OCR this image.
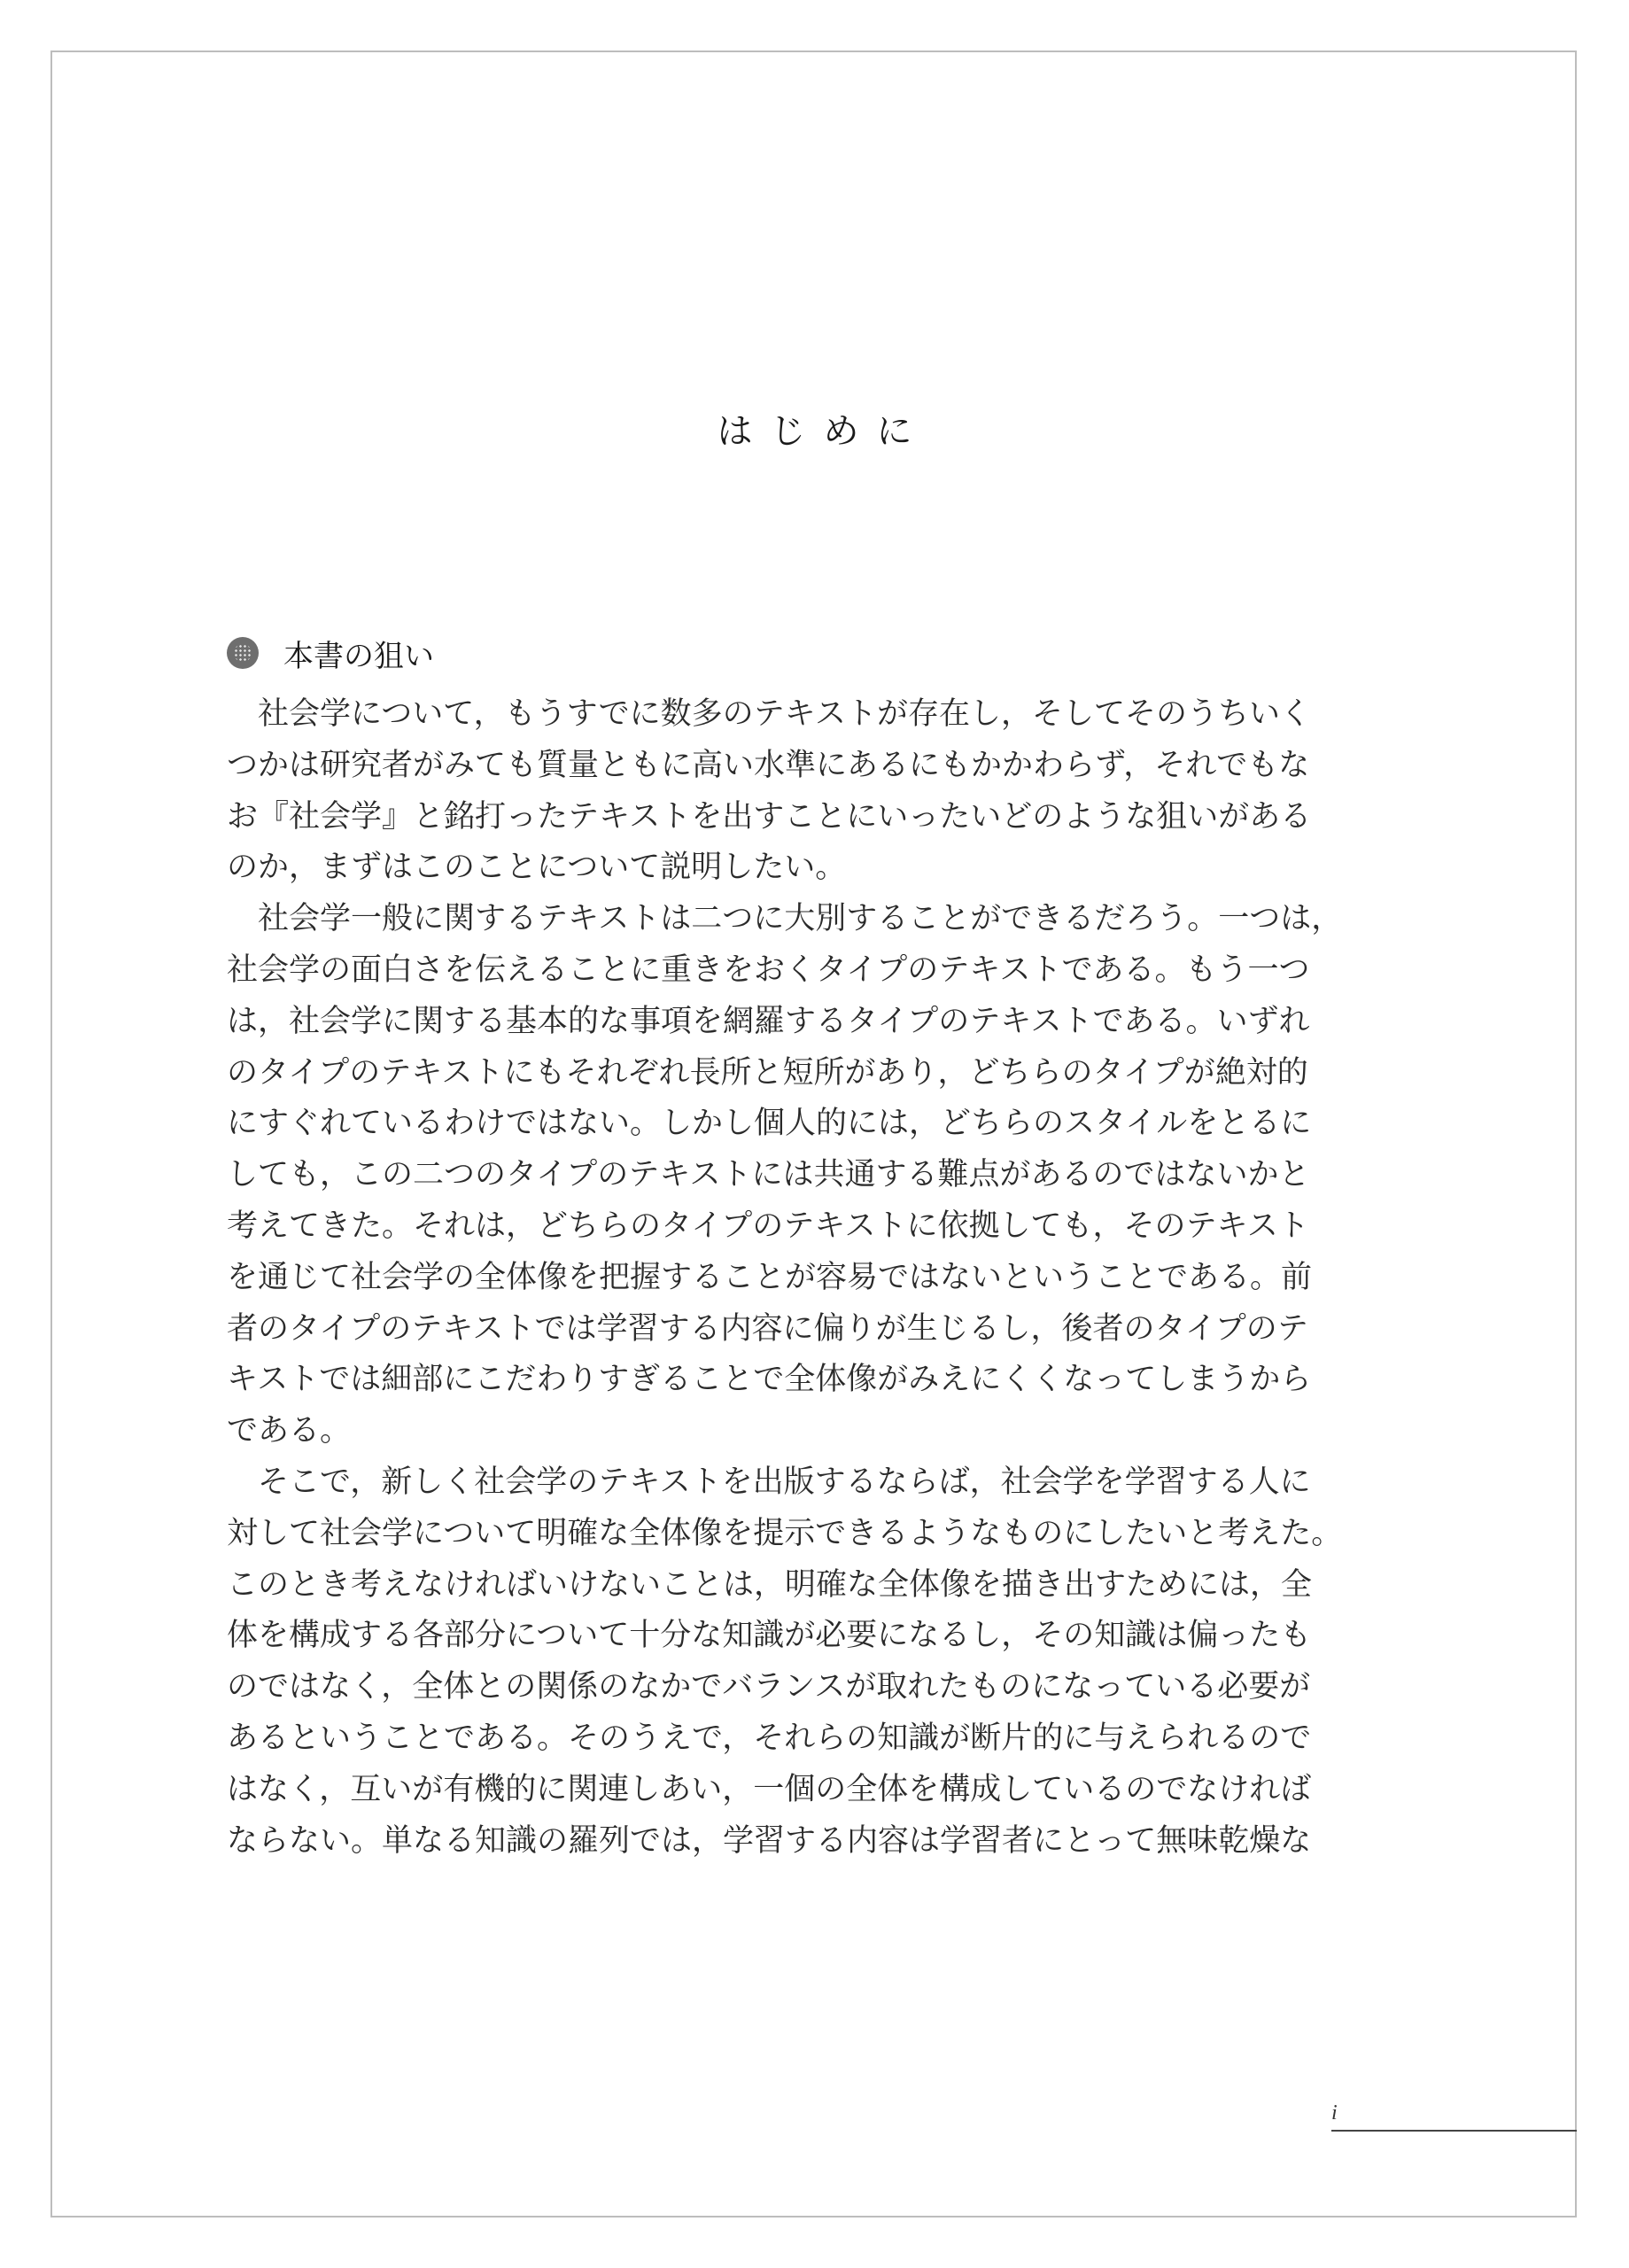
はじめに
本書の狙い
　社会学について，もうすでに数多のテキストが存在し，そしてそのうちいく
つかは研究者がみても質量ともに高い水準にあるにもかかわらず，それでもな
お『社会学』と銘打ったテキストを出すことにいったいどのような狙いがある
のか，まずはこのことについて説明したい。
　社会学一般に関するテキストは二つに大別することができるだろう。一つは，
社会学の面白さを伝えることに重きをおくタイプのテキストである。もう一つ
は，社会学に関する基本的な事項を網羅するタイプのテキストである。いずれ
のタイプのテキストにもそれぞれ長所と短所があり，どちらのタイプが絶対的
にすぐれているわけではない。しかし個人的には，どちらのスタイルをとるに
しても，この二つのタイプのテキストには共通する難点があるのではないかと
考えてきた。それは，どちらのタイプのテキストに依拠しても，そのテキスト
を通じて社会学の全体像を把握することが容易ではないということである。前
者のタイプのテキストでは学習する内容に偏りが生じるし，後者のタイプのテ
キストでは細部にこだわりすぎることで全体像がみえにくくなってしまうから
である。
　そこで，新しく社会学のテキストを出版するならば，社会学を学習する人に
対して社会学について明確な全体像を提示できるようなものにしたいと考えた。
このとき考えなければいけないことは，明確な全体像を描き出すためには，全
体を構成する各部分について十分な知識が必要になるし，その知識は偏ったも
のではなく，全体との関係のなかでバランスが取れたものになっている必要が
あるということである。そのうえで，それらの知識が断片的に与えられるので
はなく，互いが有機的に関連しあい，一個の全体を構成しているのでなければ
ならない。単なる知識の羅列では，学習する内容は学習者にとって無味乾燥な
i
